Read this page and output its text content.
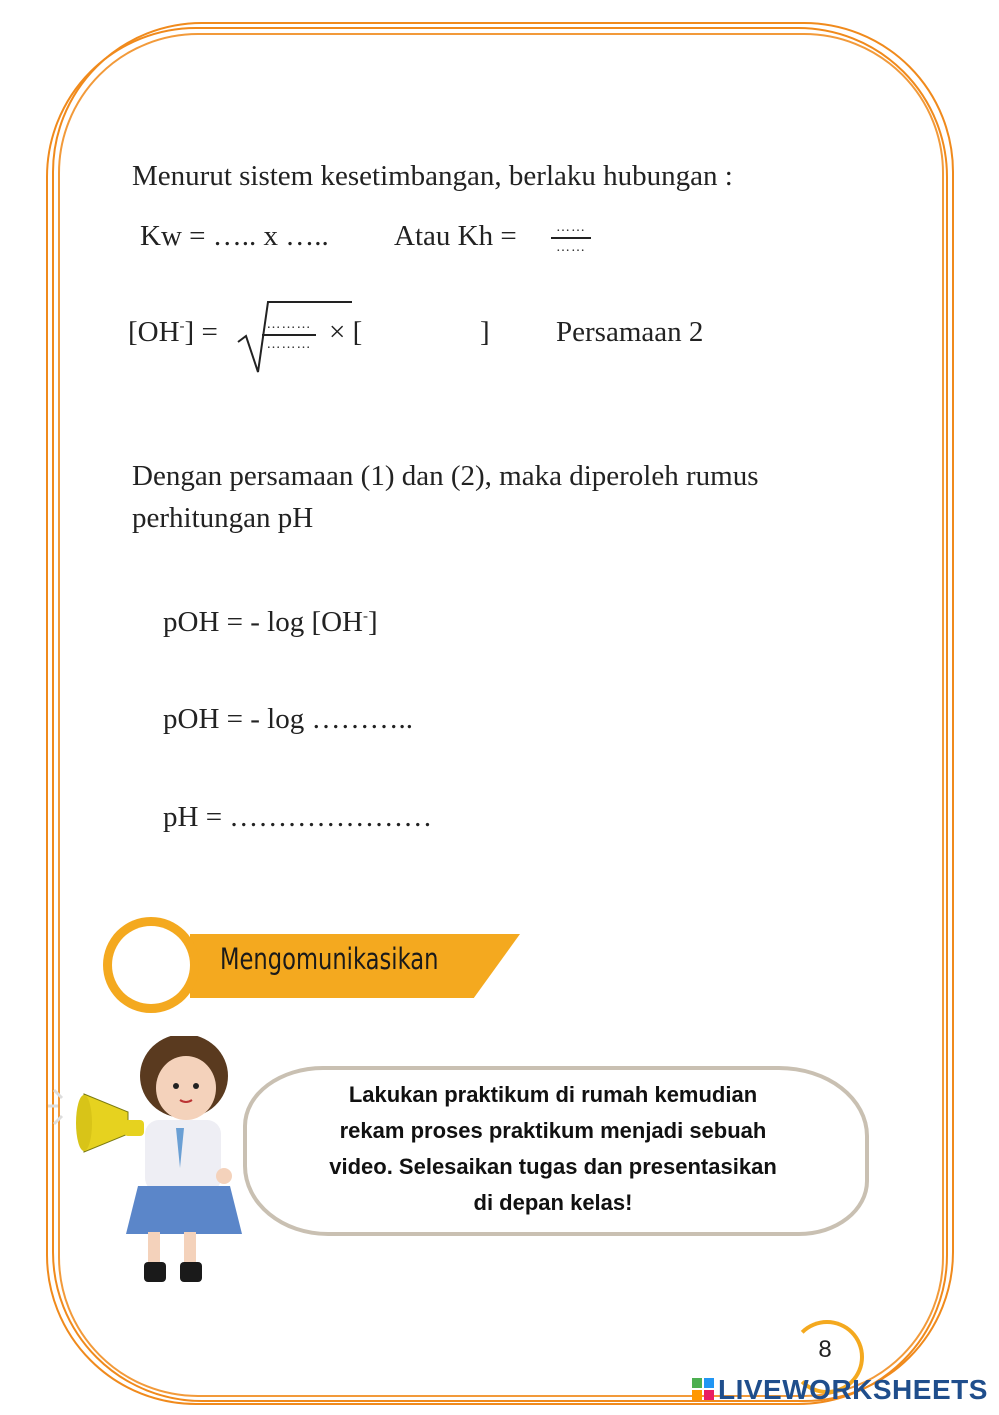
Menurut sistem kesetimbangan, berlaku hubungan :
Kw = ….. x ….. Atau Kh =	……
……
[OH-] =	………
……… × [	] Persamaan 2
Dengan persamaan (1) dan (2), maka diperoleh rumus
perhitungan pH
pOH = - log [OH-]
pOH = - log ………..
pH = …………………
Mengomunikasikan
Lakukan praktikum di rumah kemudian
rekam proses praktikum menjadi sebuah
video. Selesaikan tugas dan presentasikan
di depan kelas!
8
LIVEWORKSHEETS
